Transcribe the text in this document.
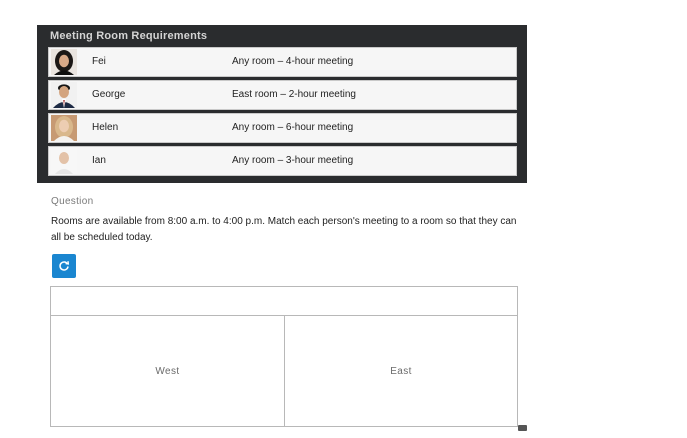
Meeting Room Requirements
Fei	Any room – 4-hour meeting
George	East room – 2-hour meeting
Helen	Any room – 6-hour meeting
Ian	Any room – 3-hour meeting
Question
Rooms are available from 8:00 a.m. to 4:00 p.m. Match each person's meeting to a room so that they can all be scheduled today.
West	East
